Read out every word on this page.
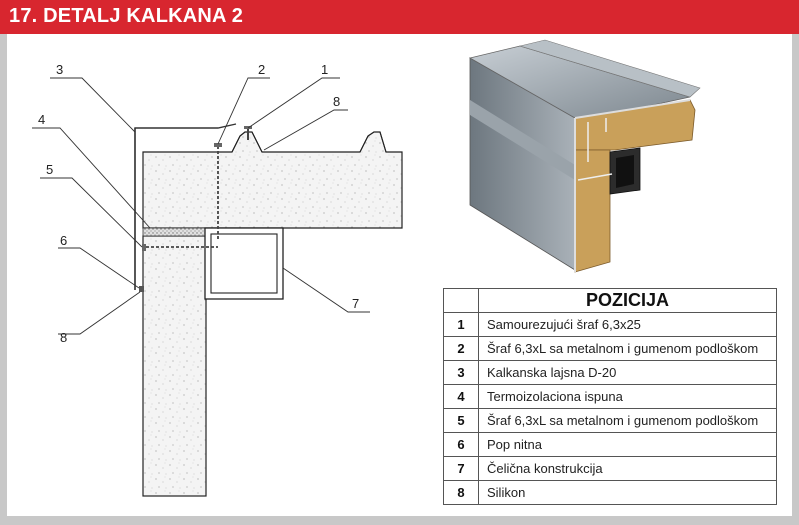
17. DETALJ KALKANA 2
3	2	1
8
4
5
6
7
8
	POZICIJA
1	Samourezujući šraf 6,3x25
2	Šraf 6,3xL sa metalnom i gumenom podloškom
3	Kalkanska lajsna D-20
4	Termoizolaciona ispuna
5	Šraf 6,3xL sa metalnom i gumenom podloškom
6	Pop nitna
7	Čelična konstrukcija
8	Silikon
